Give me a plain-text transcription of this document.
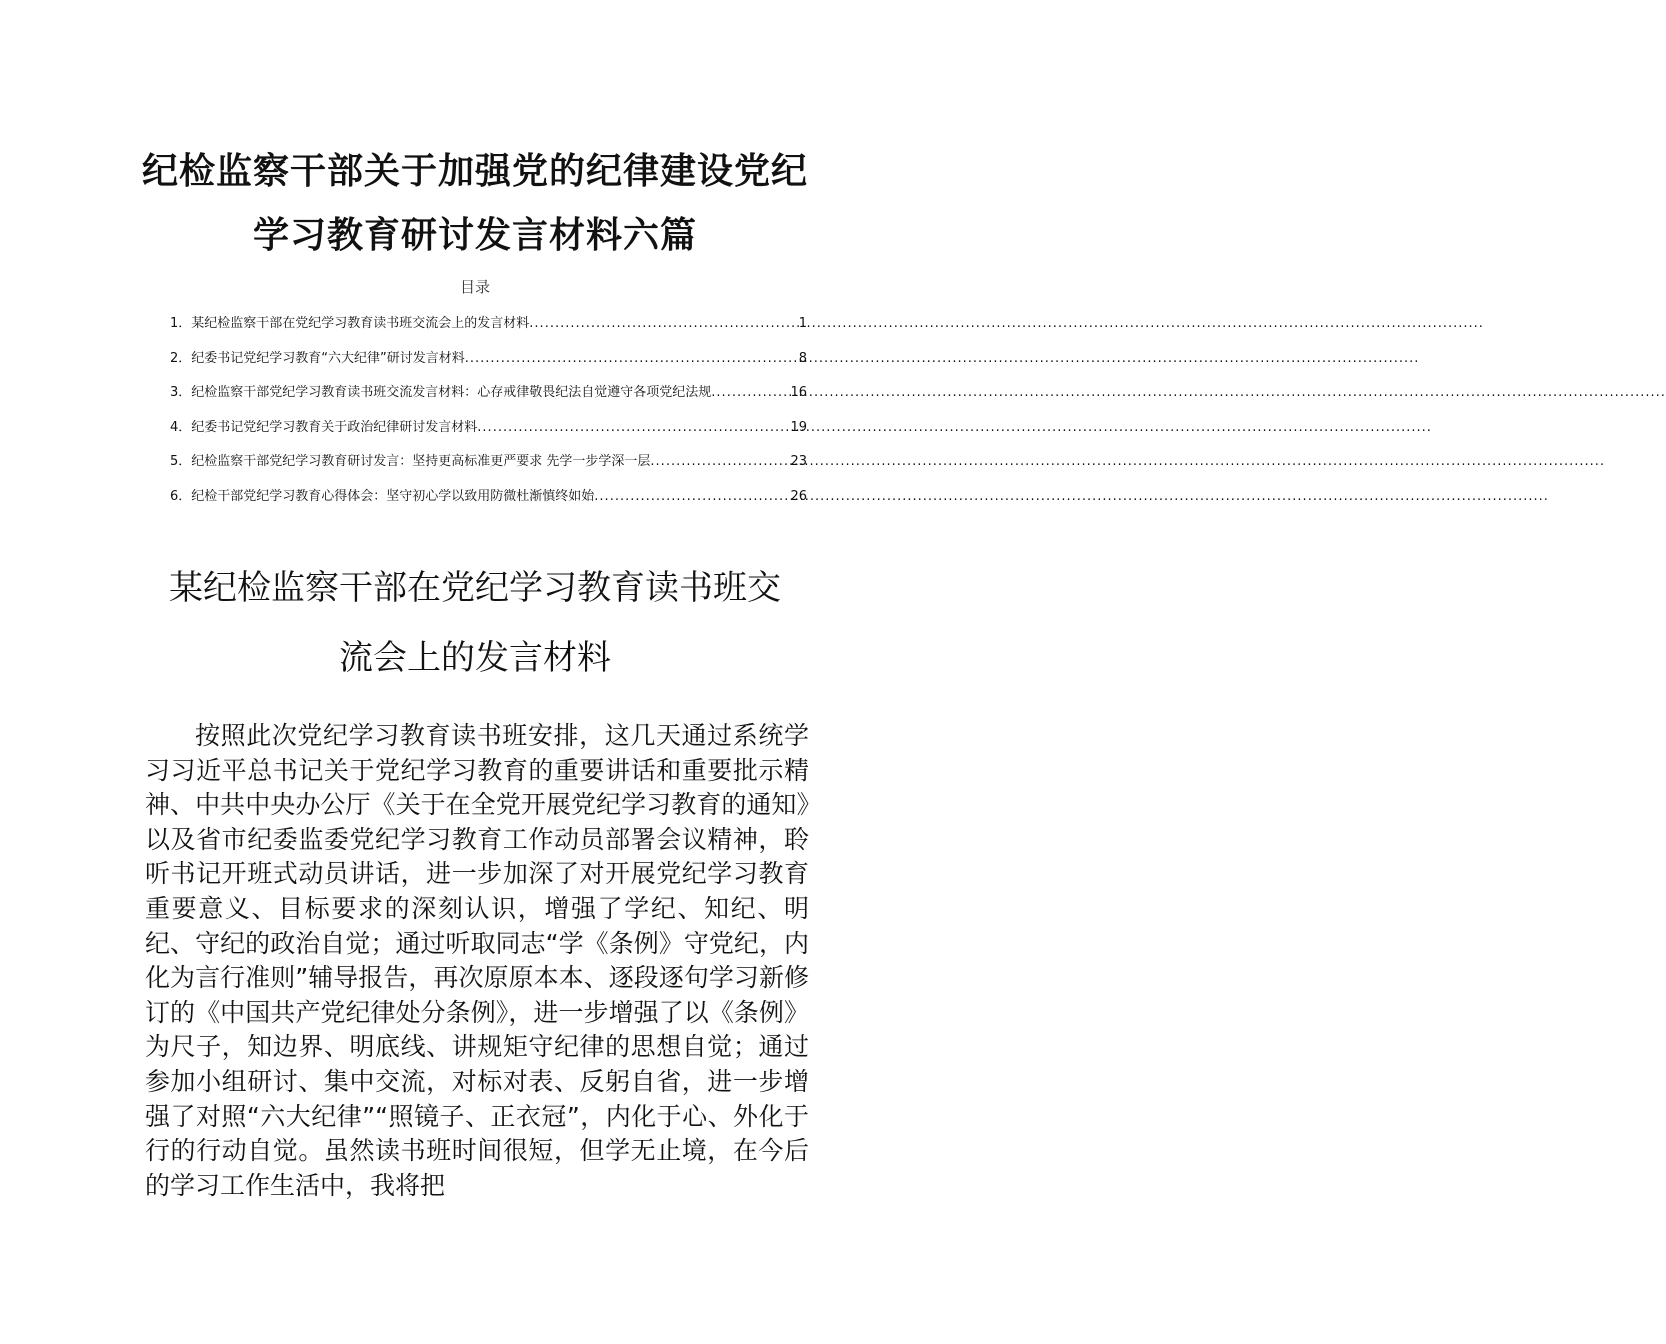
纪检监察干部关于加强党的纪律建设党纪
学习教育研讨发言材料六篇
目录
1． 某纪检监察干部在党纪学习教育读书班交流会上的发言材料 .....	1
2． 纪委书记党纪学习教育“六大纪律”研讨发言材料 .....	8
3． 纪检监察干部党纪学习教育读书班交流发言材料：心存戒律敬畏纪法自觉遵守各项党纪法规 .....	16
4． 纪委书记党纪学习教育关于政治纪律研讨发言材料 .....	19
5． 纪检监察干部党纪学习教育研讨发言：坚持更高标准更严要求 先学一步学深一层 .....	23
6． 纪检干部党纪学习教育心得体会：坚守初心学以致用防微杜渐慎终如始 .....	26
某纪检监察干部在党纪学习教育读书班交
流会上的发言材料

按照此次党纪学习教育读书班安排，这几天通过系统学习习近平总书记关于党纪学习教育的重要讲话和重要批示精神、中共中央办公厅《关于在全党开展党纪学习教育的通知》以及省市纪委监委党纪学习教育工作动员部署会议精神，聆听书记开班式动员讲话，进一步加深了对开展党纪学习教育重要意义、目标要求的深刻认识，增强了学纪、知纪、明纪、守纪的政治自觉；通过听取同志“学《条例》守党纪，内化为言行准则”辅导报告，再次原原本本、逐段逐句学习新修订的《中国共产党纪律处分条例》，进一步增强了以《条例》为尺子，知边界、明底线、讲规矩守纪律的思想自觉；通过参加小组研讨、集中交流，对标对表、反躬自省，进一步增强了对照“六大纪律”“照镜子、正衣冠”，内化于心、外化于行的行动自觉。虽然读书班时间很短，但学无止境，在今后的学习工作生活中，我将把
